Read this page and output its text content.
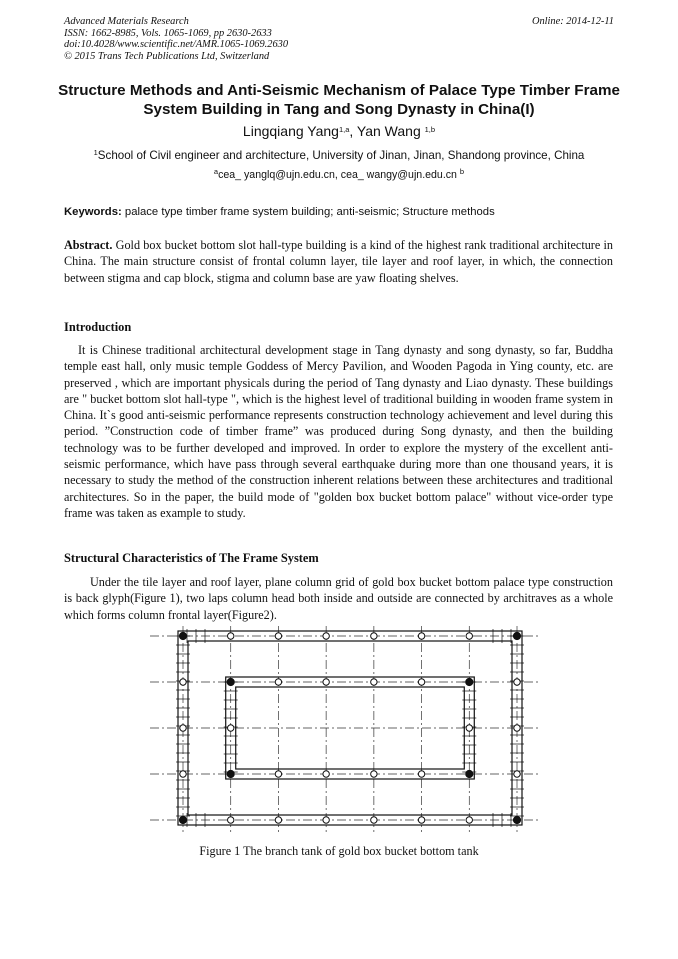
Advanced Materials Research
ISSN: 1662-8985, Vols. 1065-1069, pp 2630-2633
doi:10.4028/www.scientific.net/AMR.1065-1069.2630
© 2015 Trans Tech Publications Ltd, Switzerland
Online: 2014-12-11
Structure Methods and Anti-Seismic Mechanism of Palace Type Timber Frame System Building in Tang and Song Dynasty in China(I)
Lingqiang Yang$^{1,a}$, Yan Wang $^{1,b}$
$^1$School of Civil engineer and architecture, University of Jinan, Jinan, Shandong province, China
$^a$cea_ yanglq@ujn.edu.cn, cea_ wangy@ujn.edu.cn $^b$
Keywords: palace type timber frame system building; anti-seismic; Structure methods
Abstract. Gold box bucket bottom slot hall-type building is a kind of the highest rank traditional architecture in China. The main structure consist of frontal column layer, tile layer and roof layer, in which, the connection between stigma and cap block, stigma and column base are yaw floating shelves.
Introduction
It is Chinese traditional architectural development stage in Tang dynasty and song dynasty, so far, Buddha temple east hall, only music temple Goddess of Mercy Pavilion, and Wooden Pagoda in Ying county, etc. are preserved , which are important physicals during the period of Tang dynasty and Liao dynasty. These buildings are " bucket bottom slot hall-type ", which is the highest level of traditional building in wooden frame system in China. It`s good anti-seismic performance represents construction technology achievement and level during this period. ”Construction code of timber frame” was produced during Song dynasty, and then the building technology was to be further developed and improved. In order to explore the mystery of the excellent anti-seismic performance, which have pass through several earthquake during more than one thousand years, it is necessary to study the method of the construction inherent relations between these architectures and traditional architectures. So in the paper, the build mode of "golden box bucket bottom palace" without vice-order type frame was taken as example to study.
Structural Characteristics of The Frame System
Under the tile layer and roof layer, plane column grid of gold box bucket bottom palace type construction is back glyph(Figure 1), two laps column head both inside and outside are connected by architraves as a whole which forms column frontal layer(Figure2).
Figure 1 The branch tank of gold box bucket bottom tank
